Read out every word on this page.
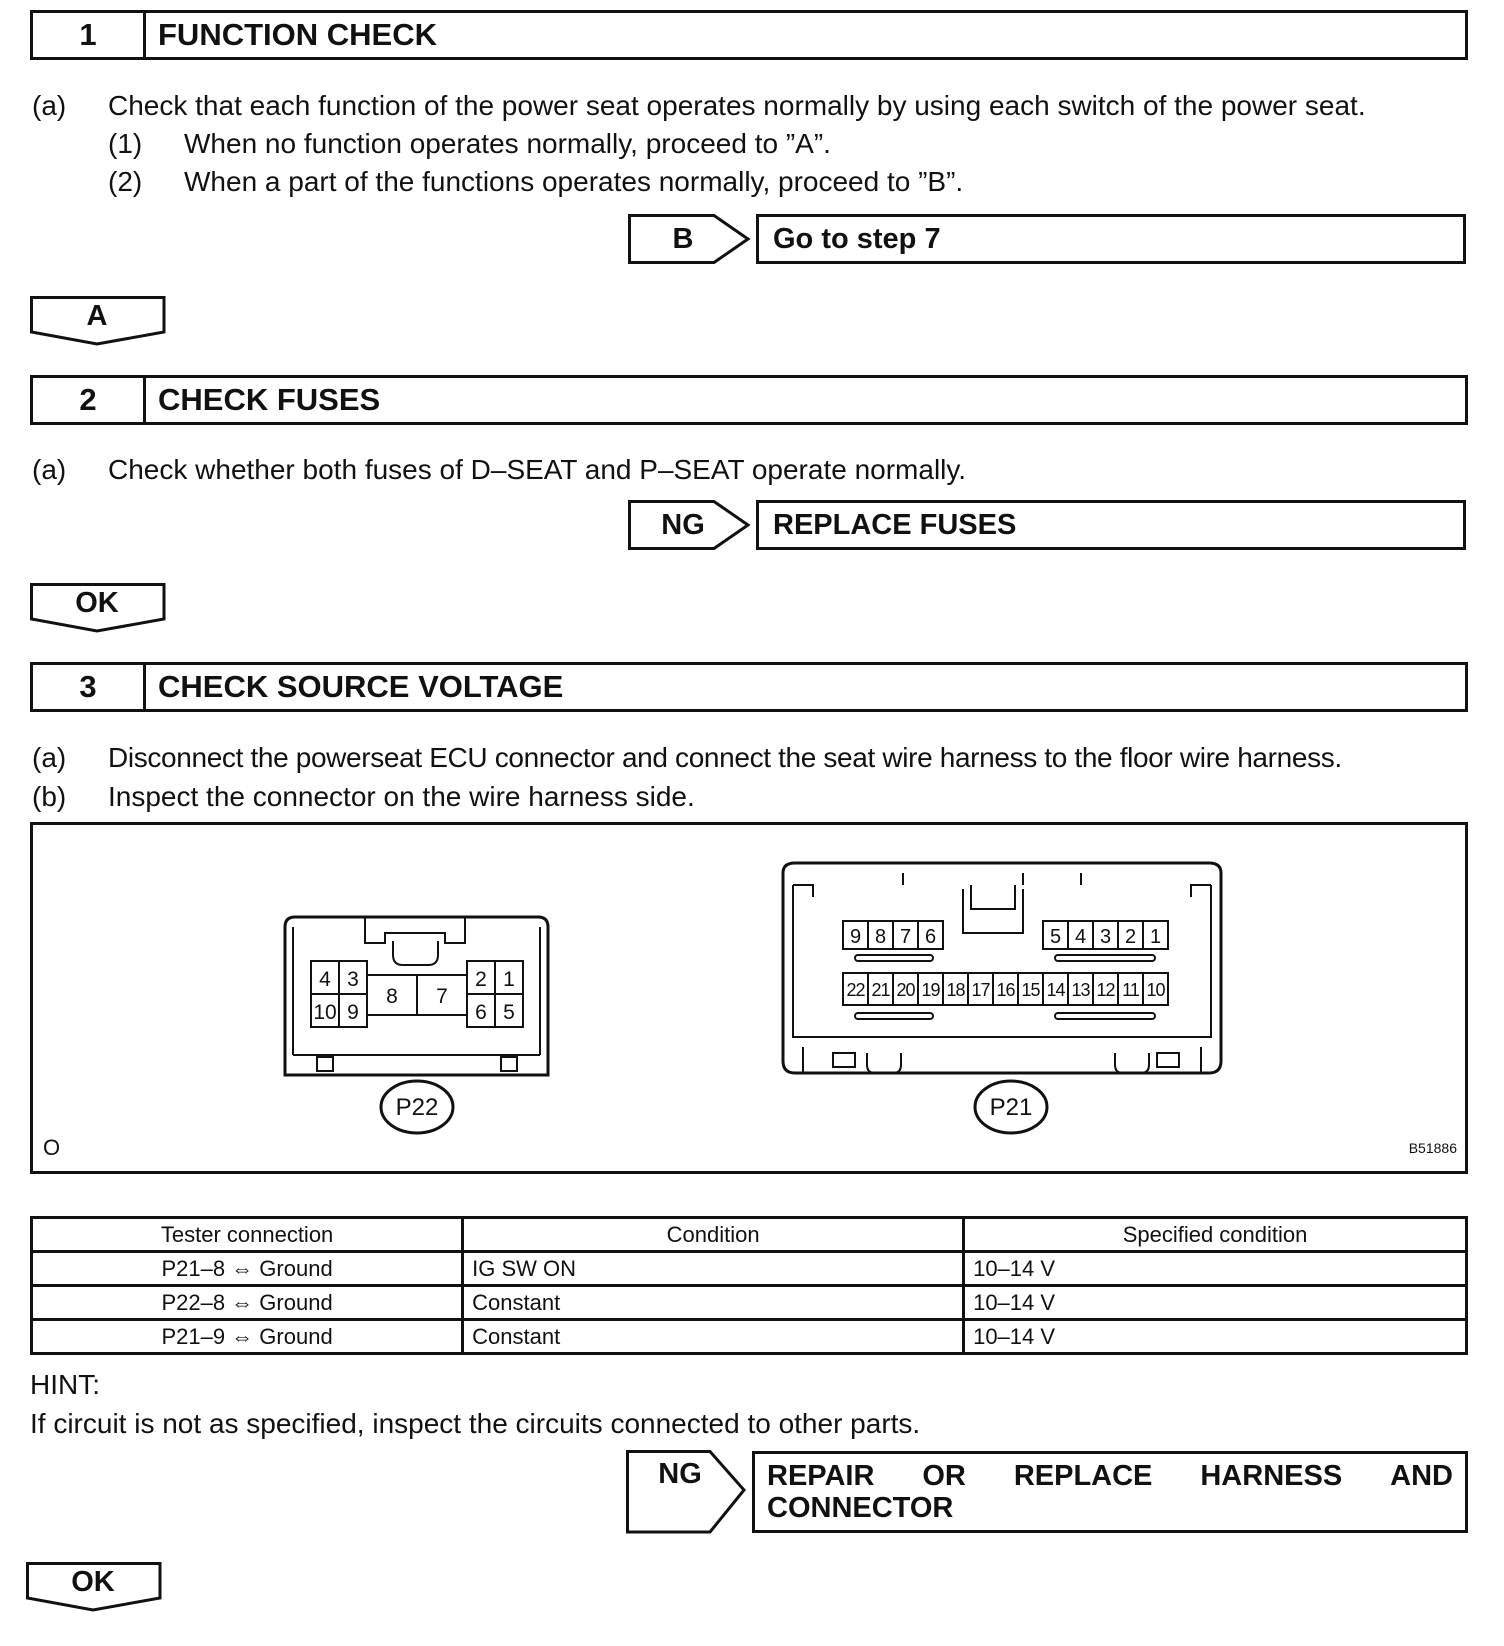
1	FUNCTION CHECK
(a) Check that each function of the power seat operates normally by using each switch of the power seat.
(1) When no function operates normally, proceed to ”A”.
(2) When a part of the functions operates normally, proceed to ”B”.
B	Go to step 7
A
2	CHECK FUSES
(a) Check whether both fuses of D–SEAT and P–SEAT operate normally.
NG	REPLACE FUSES
OK
3	CHECK SOURCE VOLTAGE
(a) Disconnect the powerseat ECU connector and connect the seat wire harness to the floor wire harness.
(b) Inspect the connector on the wire harness side.
4 3
10 9
8 7
2 1
6 5
P22
9 8 7 6	5 4 3 2 1
22 21 20 19 18 17 16 15 14 13 12 11 10
P21
O	B51886
Tester connection	Condition	Specified condition
P21–8 ⇔ Ground	IG SW ON	10–14 V
P22–8 ⇔ Ground	Constant	10–14 V
P21–9 ⇔ Ground	Constant	10–14 V
HINT:
If circuit is not as specified, inspect the circuits connected to other parts.
NG	REPAIR OR REPLACE HARNESS AND
CONNECTOR
OK
